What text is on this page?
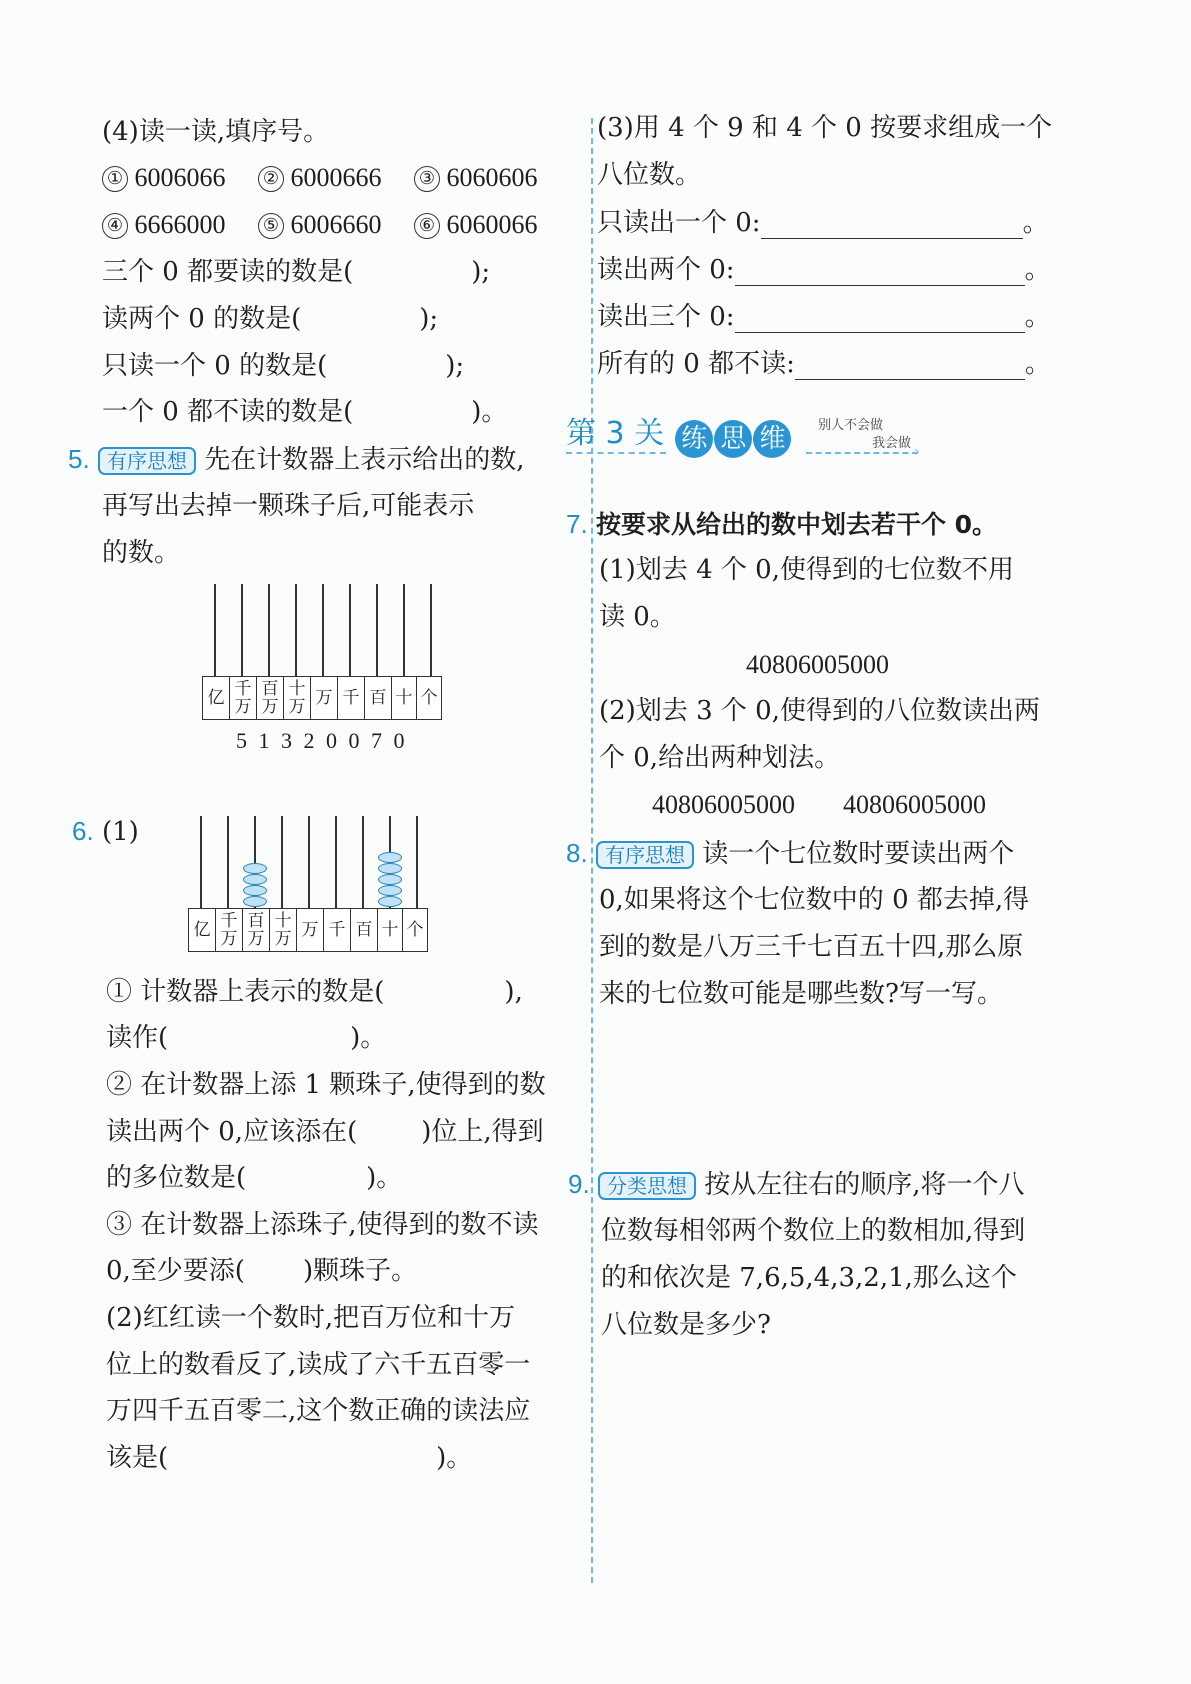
(4)读一读,填序号。
① 6006066 ② 6000666 ③ 6060606
④ 6666000 ⑤ 6006660 ⑥ 6060066
三个 0 都要读的数是(	);
读两个 0 的数是(	);
只读一个 0 的数是(	);
一个 0 都不读的数是(	)。
5. 有序思想 先在计数器上表示给出的数,
再写出去掉一颗珠子后,可能表示
的数。
亿 千万
百万
十万 万 千 百 十 个
5 1 3 2 0 0 7 0
6. (1)
亿 千万
百万
十万 万 千 百 十 个
① 计数器上表示的数是(	),
读作(	)。
② 在计数器上添 1 颗珠子,使得到的数
读出两个 0,应该添在( )位上,得到
的多位数是(	)。
③ 在计数器上添珠子,使得到的数不读
0,至少要添( )颗珠子。
(2)红红读一个数时,把百万位和十万
位上的数看反了,读成了六千五百零一
万四千五百零二,这个数正确的读法应
该是(	)。
(3)用 4 个 9 和 4 个 0 按要求组成一个
八位数。
只读出一个 0:	。
读出两个 0:	。
读出三个 0:	。
所有的 0 都不读:	。
第 3 关 练 思 维	别人不会做
我会做
›
7. 按要求从给出的数中划去若干个 0。
(1)划去 4 个 0,使得到的七位数不用
读 0。
40806005000
(2)划去 3 个 0,使得到的八位数读出两
个 0,给出两种划法。
40806005000 40806005000
8. 有序思想 读一个七位数时要读出两个
0,如果将这个七位数中的 0 都去掉,得
到的数是八万三千七百五十四,那么原
来的七位数可能是哪些数?写一写。
9. 分类思想 按从左往右的顺序,将一个八
位数每相邻两个数位上的数相加,得到
的和依次是 7,6,5,4,3,2,1,那么这个
八位数是多少?
